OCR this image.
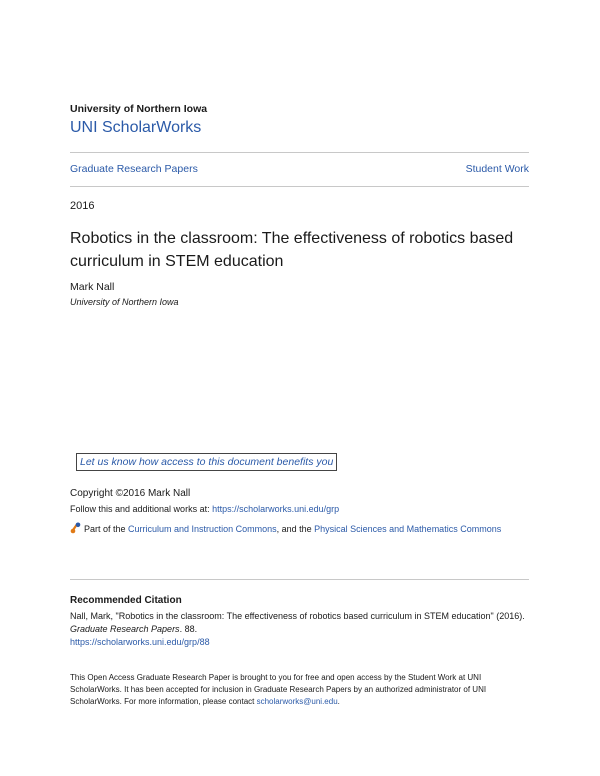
University of Northern Iowa
UNI ScholarWorks
Graduate Research Papers	Student Work
2016
Robotics in the classroom: The effectiveness of robotics based curriculum in STEM education
Mark Nall
University of Northern Iowa
Let us know how access to this document benefits you
Copyright ©2016 Mark Nall
Follow this and additional works at: https://scholarworks.uni.edu/grp
Part of the Curriculum and Instruction Commons, and the Physical Sciences and Mathematics Commons
Recommended Citation
Nall, Mark, "Robotics in the classroom: The effectiveness of robotics based curriculum in STEM education" (2016). Graduate Research Papers. 88.
https://scholarworks.uni.edu/grp/88
This Open Access Graduate Research Paper is brought to you for free and open access by the Student Work at UNI ScholarWorks. It has been accepted for inclusion in Graduate Research Papers by an authorized administrator of UNI ScholarWorks. For more information, please contact scholarworks@uni.edu.
